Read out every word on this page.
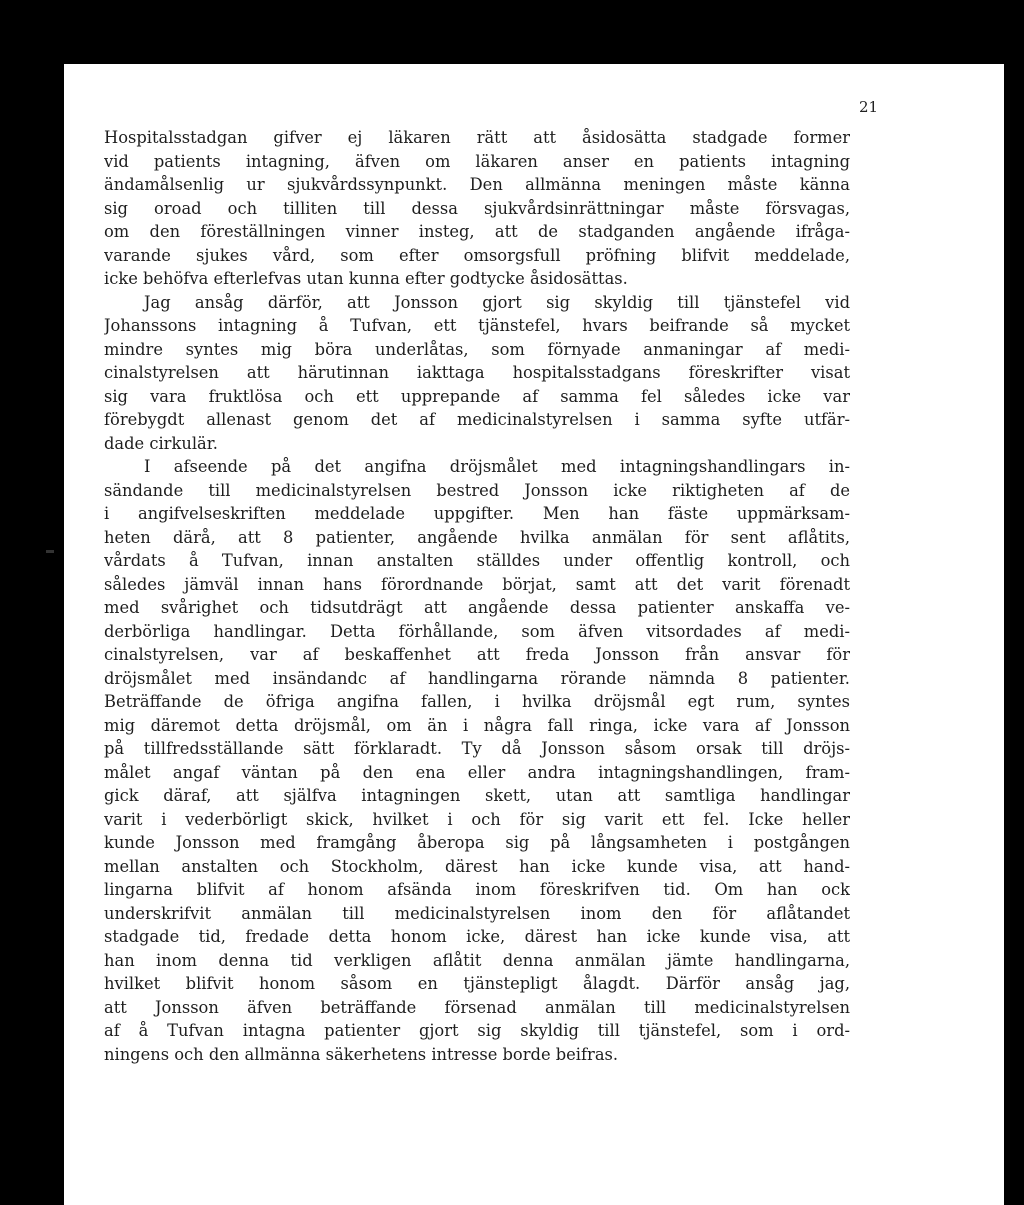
21
Hospitalsstadgan gifver ej läkaren rätt att åsidosätta stadgade former
vid patients intagning, äfven om läkaren anser en patients intagning
ändamålsenlig ur sjukvårdssynpunkt. Den allmänna meningen måste känna
sig oroad och tilliten till dessa sjukvårdsinrättningar måste försvagas,
om den föreställningen vinner insteg, att de stadganden angående ifråga-
varande sjukes vård, som efter omsorgsfull pröfning blifvit meddelade,
icke behöfva efterlefvas utan kunna efter godtycke åsidosättas.
Jag ansåg därför, att Jonsson gjort sig skyldig till tjänstefel vid
Johanssons intagning å Tufvan, ett tjänstefel, hvars beifrande så mycket
mindre syntes mig böra underlåtas, som förnyade anmaningar af medi-
cinalstyrelsen att härutinnan iakttaga hospitalsstadgans föreskrifter visat
sig vara fruktlösa och ett upprepande af samma fel således icke var
förebygdt allenast genom det af medicinalstyrelsen i samma syfte utfär-
dade cirkulär.
I afseende på det angifna dröjsmålet med intagningshandlingars in-
sändande till medicinalstyrelsen bestred Jonsson icke riktigheten af de
i angifvelseskriften meddelade uppgifter. Men han fäste uppmärksam-
heten därå, att 8 patienter, angående hvilka anmälan för sent aflåtits,
vårdats å Tufvan, innan anstalten ställdes under offentlig kontroll, och
således jämväl innan hans förordnande börjat, samt att det varit förenadt
med svårighet och tidsutdrägt att angående dessa patienter anskaffa ve-
derbörliga handlingar. Detta förhållande, som äfven vitsordades af medi-
cinalstyrelsen, var af beskaffenhet att freda Jonsson från ansvar för
dröjsmålet med insändandc af handlingarna rörande nämnda 8 patienter.
Beträffande de öfriga angifna fallen, i hvilka dröjsmål egt rum, syntes
mig däremot detta dröjsmål, om än i några fall ringa, icke vara af Jonsson
på tillfredsställande sätt förklaradt. Ty då Jonsson såsom orsak till dröjs-
målet angaf väntan på den ena eller andra intagningshandlingen, fram-
gick däraf, att själfva intagningen skett, utan att samtliga handlingar
varit i vederbörligt skick, hvilket i och för sig varit ett fel. Icke heller
kunde Jonsson med framgång åberopa sig på långsamheten i postgången
mellan anstalten och Stockholm, därest han icke kunde visa, att hand-
lingarna blifvit af honom afsända inom föreskrifven tid. Om han ock
underskrifvit anmälan till medicinalstyrelsen inom den för aflåtandet
stadgade tid, fredade detta honom icke, därest han icke kunde visa, att
han inom denna tid verkligen aflåtit denna anmälan jämte handlingarna,
hvilket blifvit honom såsom en tjänstepligt ålagdt. Därför ansåg jag,
att Jonsson äfven beträffande försenad anmälan till medicinalstyrelsen
af å Tufvan intagna patienter gjort sig skyldig till tjänstefel, som i ord-
ningens och den allmänna säkerhetens intresse borde beifras.
